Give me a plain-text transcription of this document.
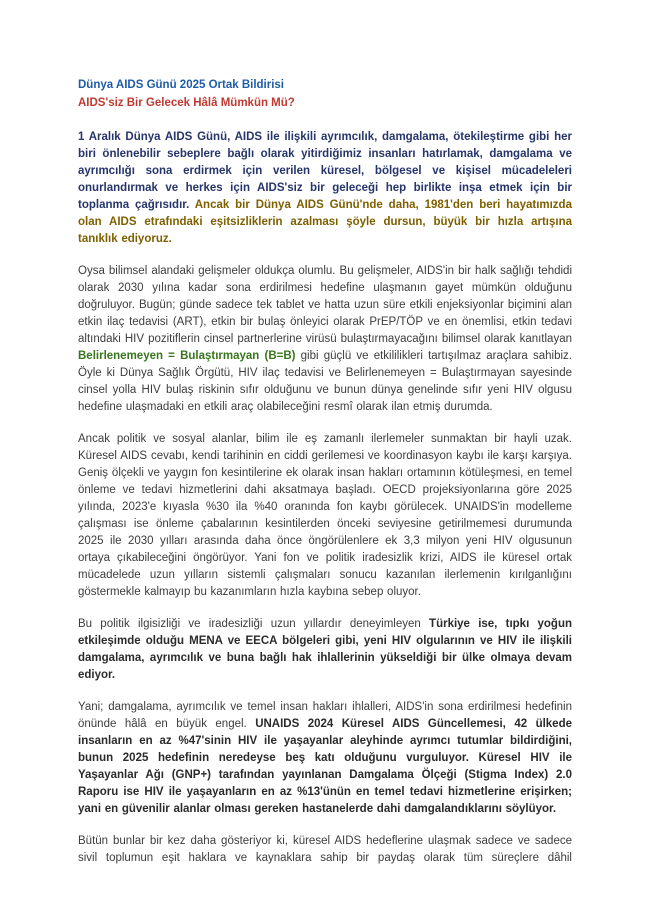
Dünya AIDS Günü 2025 Ortak Bildirisi
AIDS'siz Bir Gelecek Hâlâ Mümkün Mü?

1 Aralık Dünya AIDS Günü, AIDS ile ilişkili ayrımcılık, damgalama, ötekileştirme gibi her biri önlenebilir sebeplere bağlı olarak yitirdiğimiz insanları hatırlamak, damgalama ve ayrımcılığı sona erdirmek için verilen küresel, bölgesel ve kişisel mücadeleleri onurlandırmak ve herkes için AIDS'siz bir geleceği hep birlikte inşa etmek için bir toplanma çağrısıdır. Ancak bir Dünya AIDS Günü'nde daha, 1981'den beri hayatımızda olan AIDS etrafındaki eşitsizliklerin azalması şöyle dursun, büyük bir hızla artışına tanıklık ediyoruz.

Oysa bilimsel alandaki gelişmeler oldukça olumlu. Bu gelişmeler, AIDS'in bir halk sağlığı tehdidi olarak 2030 yılına kadar sona erdirilmesi hedefine ulaşmanın gayet mümkün olduğunu doğruluyor. Bugün; günde sadece tek tablet ve hatta uzun süre etkili enjeksiyonlar biçimini alan etkin ilaç tedavisi (ART), etkin bir bulaş önleyici olarak PrEP/TÖP ve en önemlisi, etkin tedavi altındaki HIV pozitiflerin cinsel partnerlerine virüsü bulaştırmayacağını bilimsel olarak kanıtlayan Belirlenemeyen = Bulaştırmayan (B=B) gibi güçlü ve etkililikleri tartışılmaz araçlara sahibiz. Öyle ki Dünya Sağlık Örgütü, HIV ilaç tedavisi ve Belirlenemeyen = Bulaştırmayan sayesinde cinsel yolla HIV bulaş riskinin sıfır olduğunu ve bunun dünya genelinde sıfır yeni HIV olgusu hedefine ulaşmadaki en etkili araç olabileceğini resmî olarak ilan etmiş durumda.

Ancak politik ve sosyal alanlar, bilim ile eş zamanlı ilerlemeler sunmaktan bir hayli uzak. Küresel AIDS cevabı, kendi tarihinin en ciddi gerilemesi ve koordinasyon kaybı ile karşı karşıya. Geniş ölçekli ve yaygın fon kesintilerine ek olarak insan hakları ortamının kötüleşmesi, en temel önleme ve tedavi hizmetlerini dahi aksatmaya başladı. OECD projeksiyonlarına göre 2025 yılında, 2023'e kıyasla %30 ila %40 oranında fon kaybı görülecek. UNAIDS'in modelleme çalışması ise önleme çabalarının kesintilerden önceki seviyesine getirilmemesi durumunda 2025 ile 2030 yılları arasında daha önce öngörülenlere ek 3,3 milyon yeni HIV olgusunun ortaya çıkabileceğini öngörüyor. Yani fon ve politik iradesizlik krizi, AIDS ile küresel ortak mücadelede uzun yılların sistemli çalışmaları sonucu kazanılan ilerlemenin kırılganlığını göstermekle kalmayıp bu kazanımların hızla kaybına sebep oluyor.

Bu politik ilgisizliği ve iradesizliği uzun yıllardır deneyimleyen Türkiye ise, tıpkı yoğun etkileşimde olduğu MENA ve EECA bölgeleri gibi, yeni HIV olgularının ve HIV ile ilişkili damgalama, ayrımcılık ve buna bağlı hak ihlallerinin yükseldiği bir ülke olmaya devam ediyor.

Yani; damgalama, ayrımcılık ve temel insan hakları ihlalleri, AIDS'in sona erdirilmesi hedefinin önünde hâlâ en büyük engel. UNAIDS 2024 Küresel AIDS Güncellemesi, 42 ülkede insanların en az %47'sinin HIV ile yaşayanlar aleyhinde ayrımcı tutumlar bildirdiğini, bunun 2025 hedefinin neredeyse beş katı olduğunu vurguluyor. Küresel HIV ile Yaşayanlar Ağı (GNP+) tarafından yayınlanan Damgalama Ölçeği (Stigma Index) 2.0 Raporu ise HIV ile yaşayanların en az %13'ünün en temel tedavi hizmetlerine erişirken; yani en güvenilir alanlar olması gereken hastanelerde dahi damgalandıklarını söylüyor.

Bütün bunlar bir kez daha gösteriyor ki, küresel AIDS hedeflerine ulaşmak sadece ve sadece sivil toplumun eşit haklara ve kaynaklara sahip bir paydaş olarak tüm süreçlere dâhil
